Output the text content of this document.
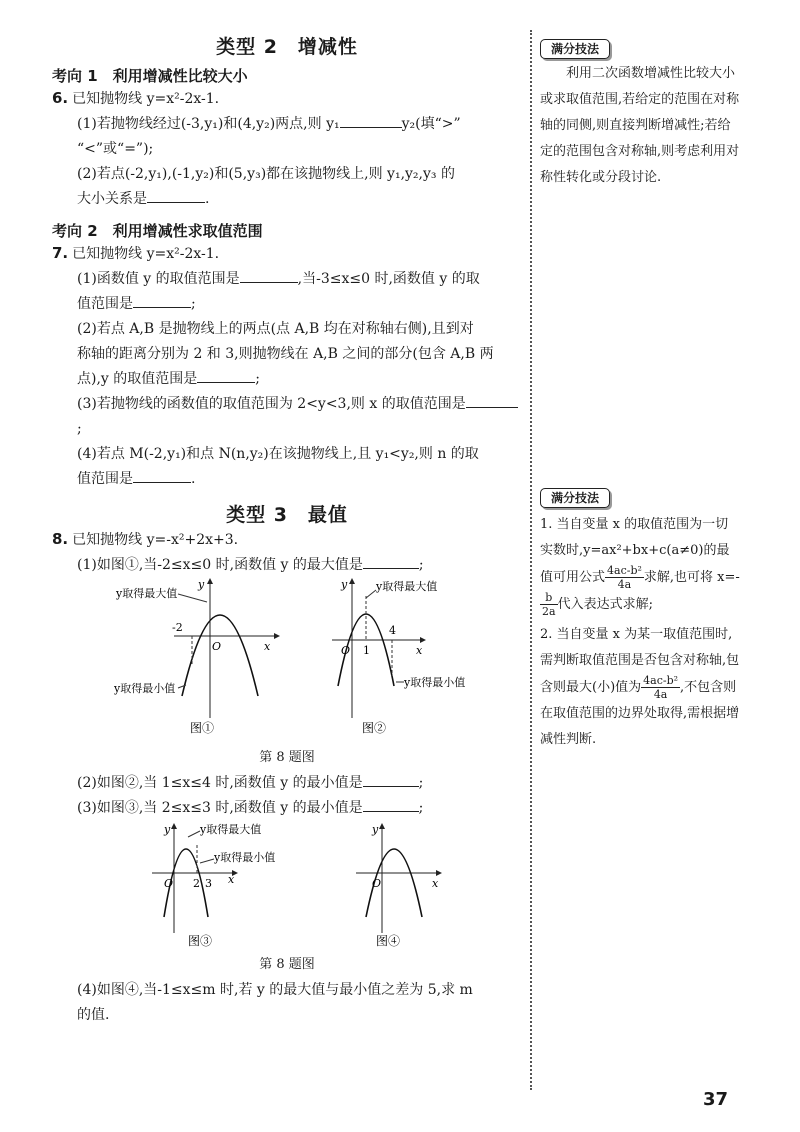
类型 2　增减性

考向 1　利用增减性比较大小

6. 已知抛物线 y=x²-2x-1.

(1)若抛物线经过(-3,y₁)和(4,y₂)两点,则 y₁	y₂(填“>”

“<”或“=”);

(2)若点(-2,y₁),(-1,y₂)和(5,y₃)都在该抛物线上,则 y₁,y₂,y₃ 的

大小关系是	.

考向 2　利用增减性求取值范围

7. 已知抛物线 y=x²-2x-1.

(1)函数值 y 的取值范围是	,当-3≤x≤0 时,函数值 y 的取

值范围是	;

(2)若点 A,B 是抛物线上的两点(点 A,B 均在对称轴右侧),且到对

称轴的距离分别为 2 和 3,则抛物线在 A,B 之间的部分(包含 A,B 两

点),y 的取值范围是	;

(3)若抛物线的函数值的取值范围为 2<y<3,则 x 的取值范围是;

(4)若点 M(-2,y₁)和点 N(n,y₂)在该抛物线上,且 y₁<y₂,则 n 的取

值范围是	.

类型 3　最值

8. 已知抛物线 y=-x²+2x+3.

(1)如图①,当-2≤x≤0 时,函数值 y 的最大值是	;

-2
O	x
y
y取得最大值
y取得最小值
图①
O 1
4
x
y	y取得最大值
y取得最小值
图②

第 8 题图

(2)如图②,当 1≤x≤4 时,函数值 y 的最小值是	;

(3)如图③,当 2≤x≤3 时,函数值 y 的最小值是	;

O 2 3 x
y	y取得最大值
y取得最小值
图③
O	x
y
图④

第 8 题图

(4)如图④,当-1≤x≤m 时,若 y 的最大值与最小值之差为 5,求 m

的值.

满分技法

利用二次函数增减性比较大小或求取值范围,若给定的范围在对称轴的同侧,则直接判断增减性;若给定的范围包含对称轴,则考虑利用对称性转化或分段讨论.

满分技法

1. 当自变量 x 的取值范围为一切实数时,y=ax²+bx+c(a≠0)的最值可用公式 $\frac{\text{4ac-b²}}{4a}$ 求解,也可将 x=-
$\frac{b}{2a}$ 代入表达式求解;

2. 当自变量 x 为某一取值范围时,需判断取值范围是否包含对称轴,包含则最大(小)值为 $\frac{\text{4ac-b²}}{4a}$ ,不包含则在取值范围的边界处取得,需根据增减性判断.

37
